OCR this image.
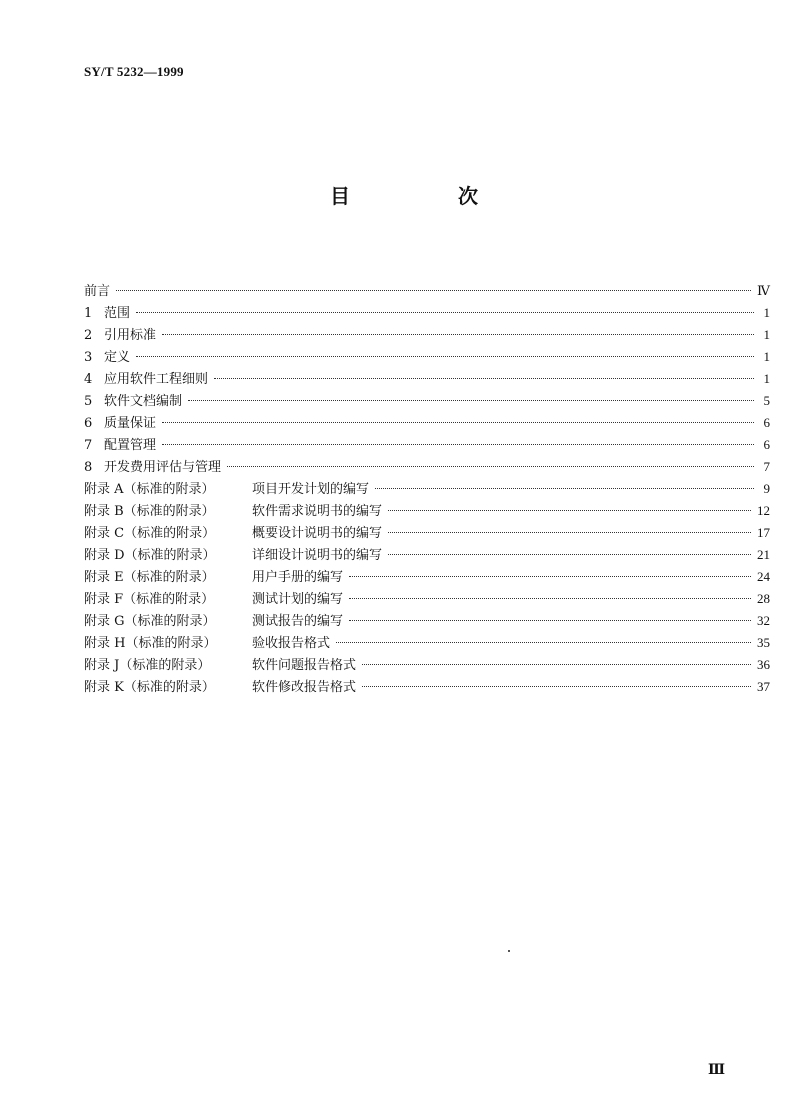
SY/T 5232—1999
目　次
前言	Ⅳ
1 范围	1
2 引用标准	1
3 定义	1
4 应用软件工程细则	1
5 软件文档编制	5
6 质量保证	6
7 配置管理	6
8 开发费用评估与管理	7
附录 A（标准的附录）	项目开发计划的编写	9
附录 B（标准的附录）	软件需求说明书的编写	12
附录 C（标准的附录）	概要设计说明书的编写	17
附录 D（标准的附录）	详细设计说明书的编写	21
附录 E（标准的附录）	用户手册的编写	24
附录 F（标准的附录）	测试计划的编写	28
附录 G（标准的附录）	测试报告的编写	32
附录 H（标准的附录）	验收报告格式	35
附录 J（标准的附录）	软件问题报告格式	36
附录 K（标准的附录）	软件修改报告格式	37
Ⅲ
